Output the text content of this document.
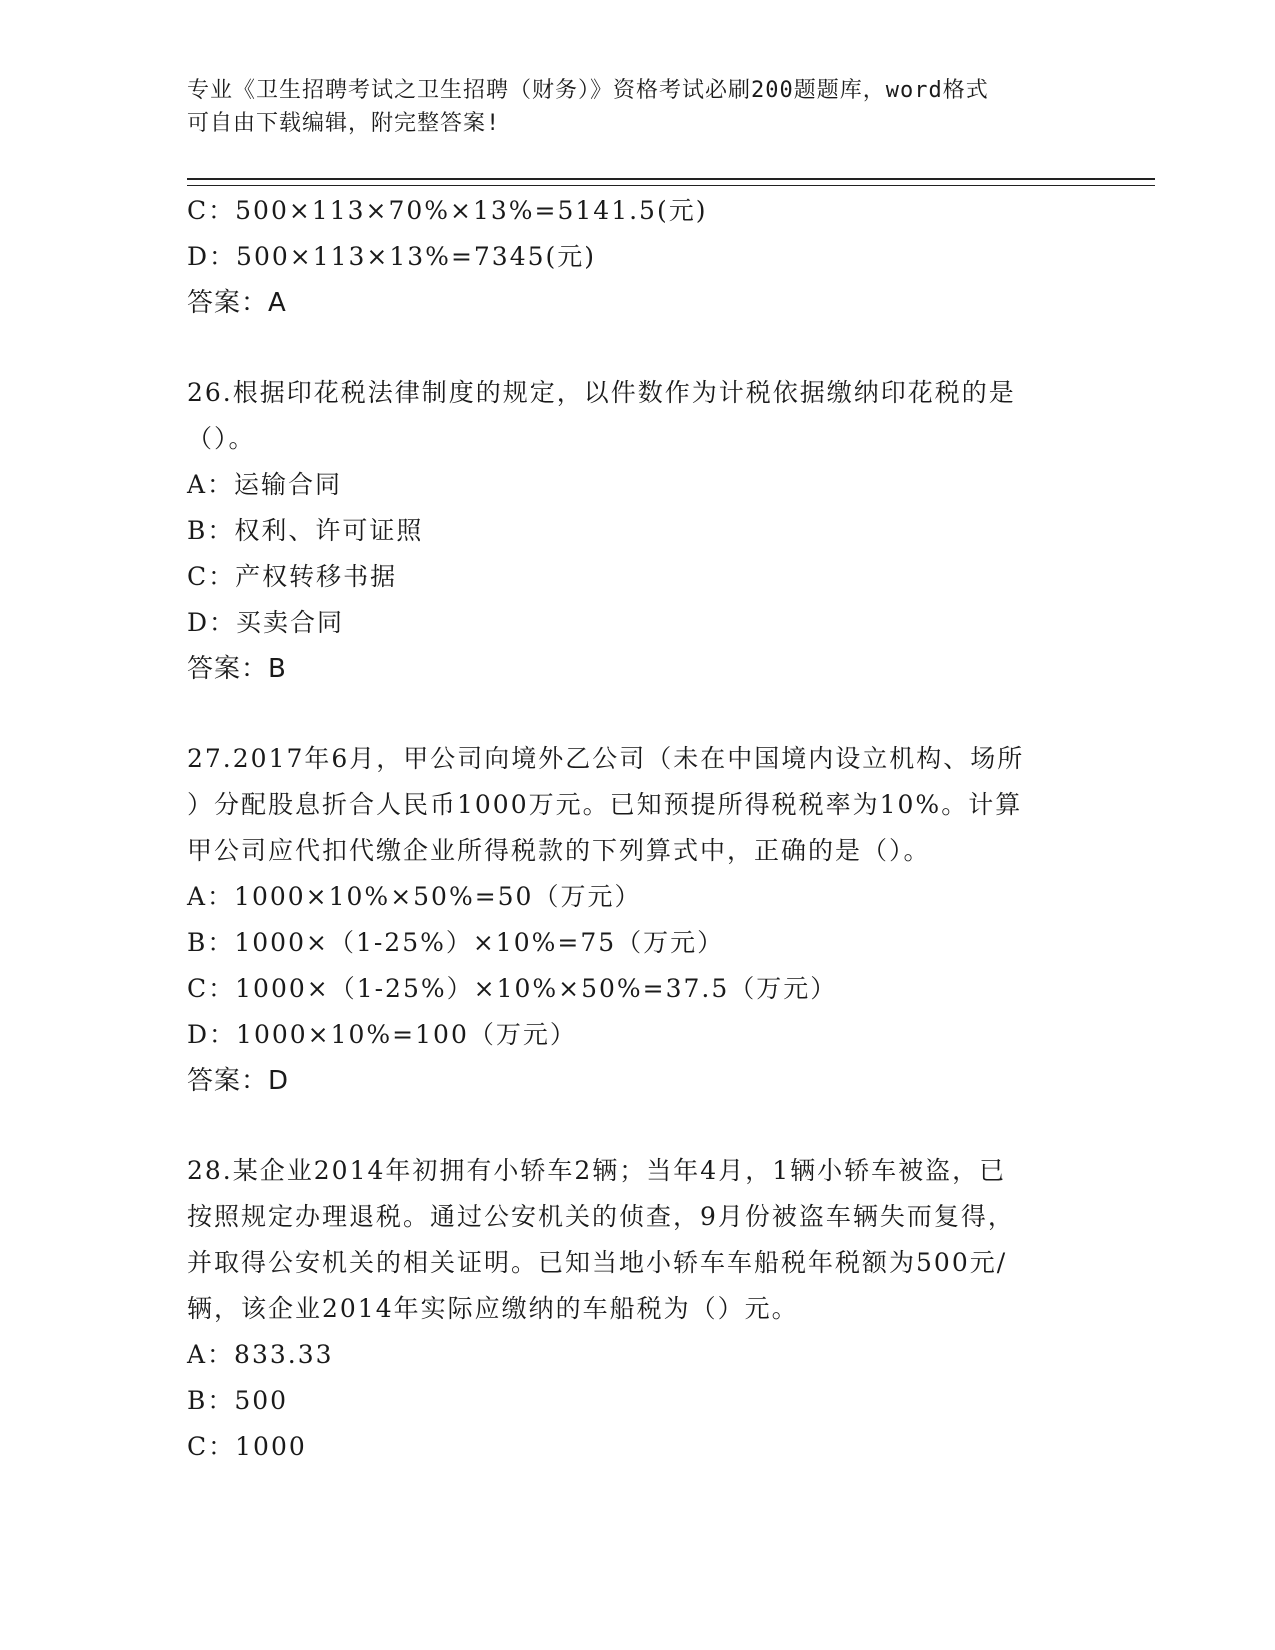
专业《卫生招聘考试之卫生招聘（财务）》资格考试必刷200题题库，word格式
可自由下载编辑，附完整答案!
C：500×113×70%×13%=5141.5(元)
D：500×113×13%=7345(元)
答案：A
26.根据印花税法律制度的规定，以件数作为计税依据缴纳印花税的是
（）。
A：运输合同
B：权利、许可证照
C：产权转移书据
D：买卖合同
答案：B
27.2017年6月，甲公司向境外乙公司（未在中国境内设立机构、场所
）分配股息折合人民币1000万元。已知预提所得税税率为10%。计算
甲公司应代扣代缴企业所得税款的下列算式中，正确的是（）。
A：1000×10%×50%=50（万元）
B：1000×（1-25%）×10%=75（万元）
C：1000×（1-25%）×10%×50%=37.5（万元）
D：1000×10%=100（万元）
答案：D
28.某企业2014年初拥有小轿车2辆；当年4月，1辆小轿车被盗，已
按照规定办理退税。通过公安机关的侦查，9月份被盗车辆失而复得，
并取得公安机关的相关证明。已知当地小轿车车船税年税额为500元/
辆，该企业2014年实际应缴纳的车船税为（）元。
A：833.33
B：500
C：1000
